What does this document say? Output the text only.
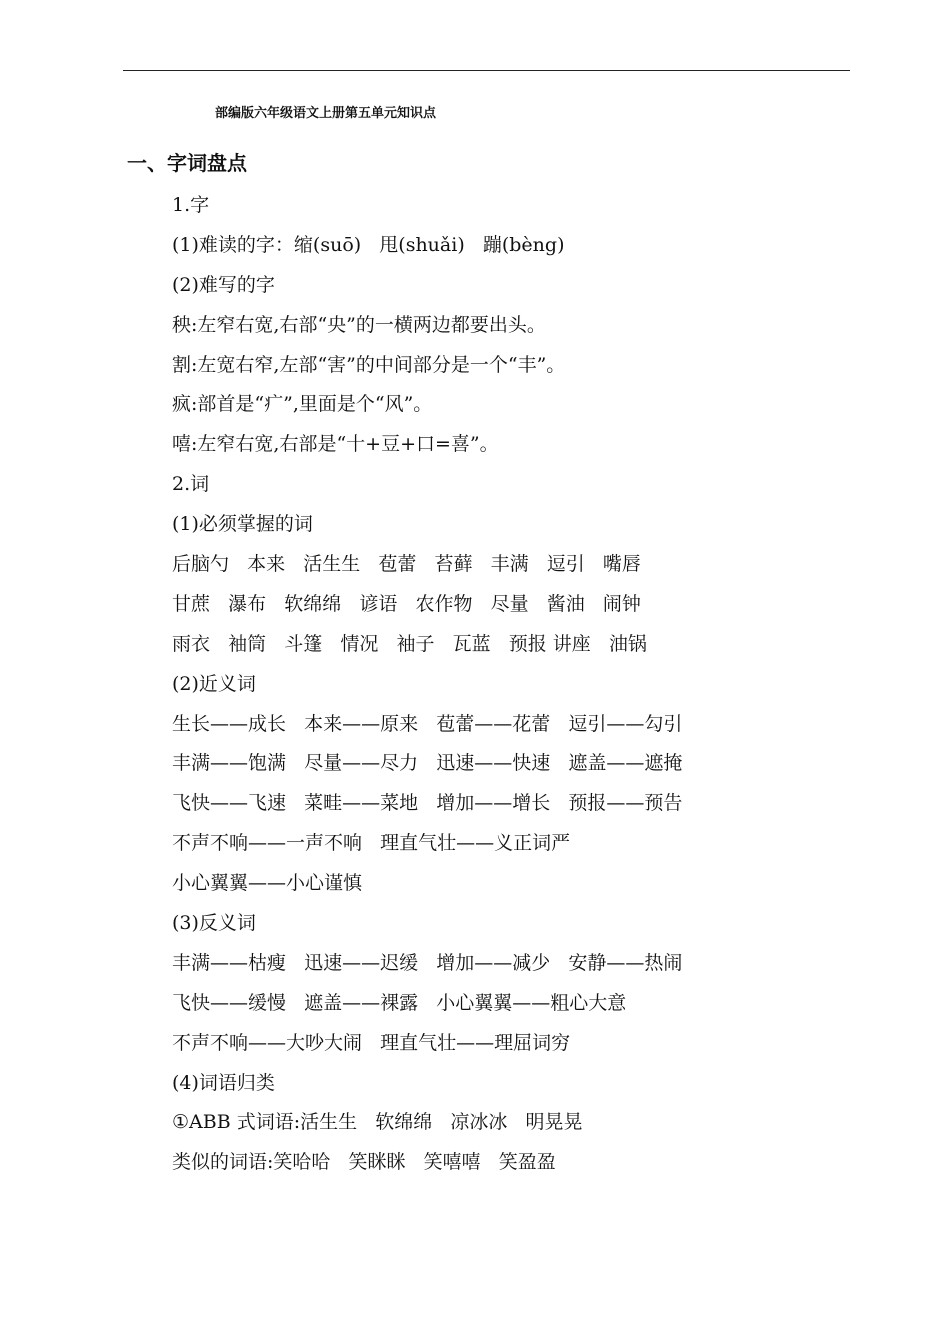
部编版六年级语文上册第五单元知识点
一、字词盘点
1.字
(1)难读的字：缩(suō)   甩(shuǎi)   蹦(bèng)
(2)难写的字
秧:左窄右宽,右部“央”的一横两边都要出头。
割:左宽右窄,左部“害”的中间部分是一个“丰”。
疯:部首是“疒”,里面是个“风”。
嘻:左窄右宽,右部是“十+豆+口=喜”。
2.词
(1)必须掌握的词
后脑勺   本来   活生生   苞蕾   苔藓   丰满   逗引   嘴唇
甘蔗   瀑布   软绵绵   谚语   农作物   尽量   酱油   闹钟
雨衣   袖筒   斗篷   情况   袖子   瓦蓝   预报 讲座   油锅
(2)近义词
生长——成长   本来——原来   苞蕾——花蕾   逗引——勾引
丰满——饱满   尽量——尽力   迅速——快速   遮盖——遮掩
飞快——飞速   菜畦——菜地   增加——增长   预报——预告
不声不响——一声不响   理直气壮——义正词严
小心翼翼——小心谨慎
(3)反义词
丰满——枯瘦   迅速——迟缓   增加——减少   安静——热闹
飞快——缓慢   遮盖——裸露   小心翼翼——粗心大意
不声不响——大吵大闹   理直气壮——理屈词穷
(4)词语归类
①ABB 式词语:活生生   软绵绵   凉冰冰   明晃晃
类似的词语:笑哈哈   笑眯眯   笑嘻嘻   笑盈盈
